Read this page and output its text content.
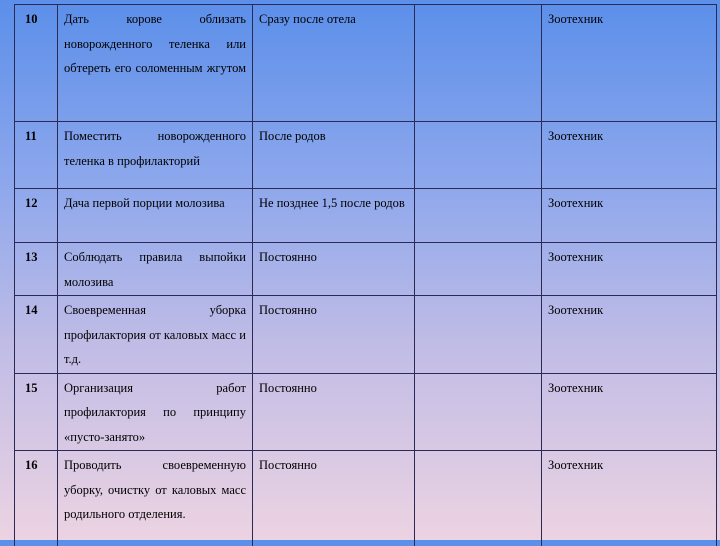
10	Дать корове облизать новорожденного теленка или обтереть его соломенным жгутом	Сразу после отела		Зоотехник
11	Поместить новорожденного теленка в профилакторий	После родов		Зоотехник
12	Дача первой порции молозива	Не позднее 1,5 после родов		Зоотехник
13	Соблюдать правила выпойки молозива	Постоянно		Зоотехник
14	Своевременная уборка профилактория от каловых масс и т.д.	Постоянно		Зоотехник
15	Организация работ профилактория по принципу «пусто-занято»	Постоянно		Зоотехник
16	Проводить своевременную уборку, очистку от каловых масс родильного отделения.	Постоянно		Зоотехник
